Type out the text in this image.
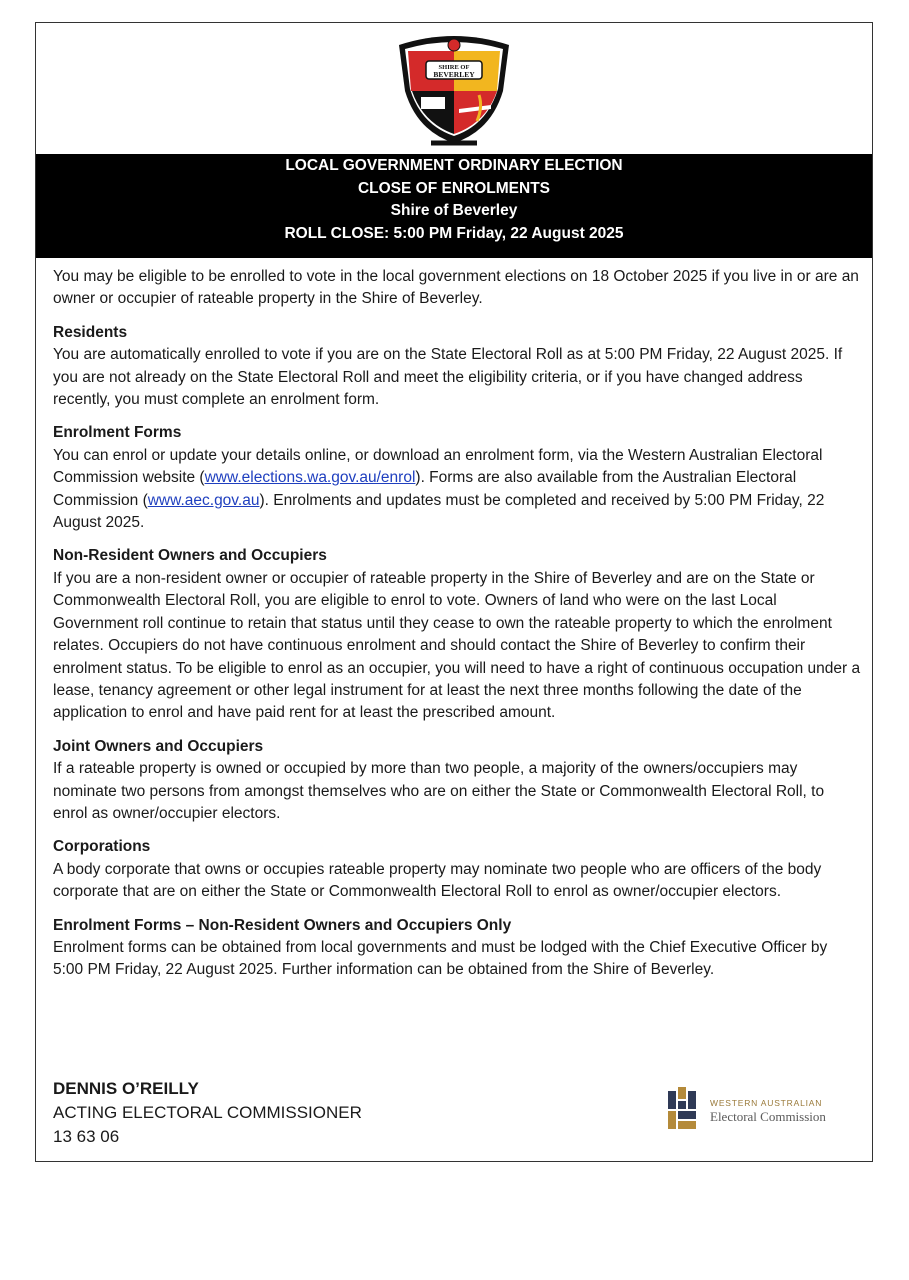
SHIRE OF
BEVERLEY
LOCAL GOVERNMENT ORDINARY ELECTION
CLOSE OF ENROLMENTS
Shire of Beverley
ROLL CLOSE: 5:00 PM Friday, 22 August 2025

You may be eligible to be enrolled to vote in the local government elections on 18 October 2025 if you live in or are an owner or occupier of rateable property in the Shire of Beverley.

Residents

You are automatically enrolled to vote if you are on the State Electoral Roll as at 5:00 PM Friday, 22 August 2025. If you are not already on the State Electoral Roll and meet the eligibility criteria, or if you have changed address recently, you must complete an enrolment form.

Enrolment Forms

You can enrol or update your details online, or download an enrolment form, via the Western Australian Electoral Commission website (www.elections.wa.gov.au/enrol). Forms are also available from the Australian Electoral Commission (www.aec.gov.au). Enrolments and updates must be completed and received by 5:00 PM Friday, 22 August 2025.

Non-Resident Owners and Occupiers

If you are a non-resident owner or occupier of rateable property in the Shire of Beverley and are on the State or Commonwealth Electoral Roll, you are eligible to enrol to vote. Owners of land who were on the last Local Government roll continue to retain that status until they cease to own the rateable property to which the enrolment relates. Occupiers do not have continuous enrolment and should contact the Shire of Beverley to confirm their enrolment status. To be eligible to enrol as an occupier, you will need to have a right of continuous occupation under a lease, tenancy agreement or other legal instrument for at least the next three months following the date of the application to enrol and have paid rent for at least the prescribed amount.

Joint Owners and Occupiers

If a rateable property is owned or occupied by more than two people, a majority of the owners/occupiers may nominate two persons from amongst themselves who are on either the State or Commonwealth Electoral Roll, to enrol as owner/occupier electors.

Corporations

A body corporate that owns or occupies rateable property may nominate two people who are officers of the body corporate that are on either the State or Commonwealth Electoral Roll to enrol as owner/occupier electors.

Enrolment Forms – Non-Resident Owners and Occupiers Only

Enrolment forms can be obtained from local governments and must be lodged with the Chief Executive Officer by 5:00 PM Friday, 22 August 2025. Further information can be obtained from the Shire of Beverley.

DENNIS O’REILLY
ACTING ELECTORAL COMMISSIONER
13 63 06
WESTERN AUSTRALIAN
Electoral Commission
